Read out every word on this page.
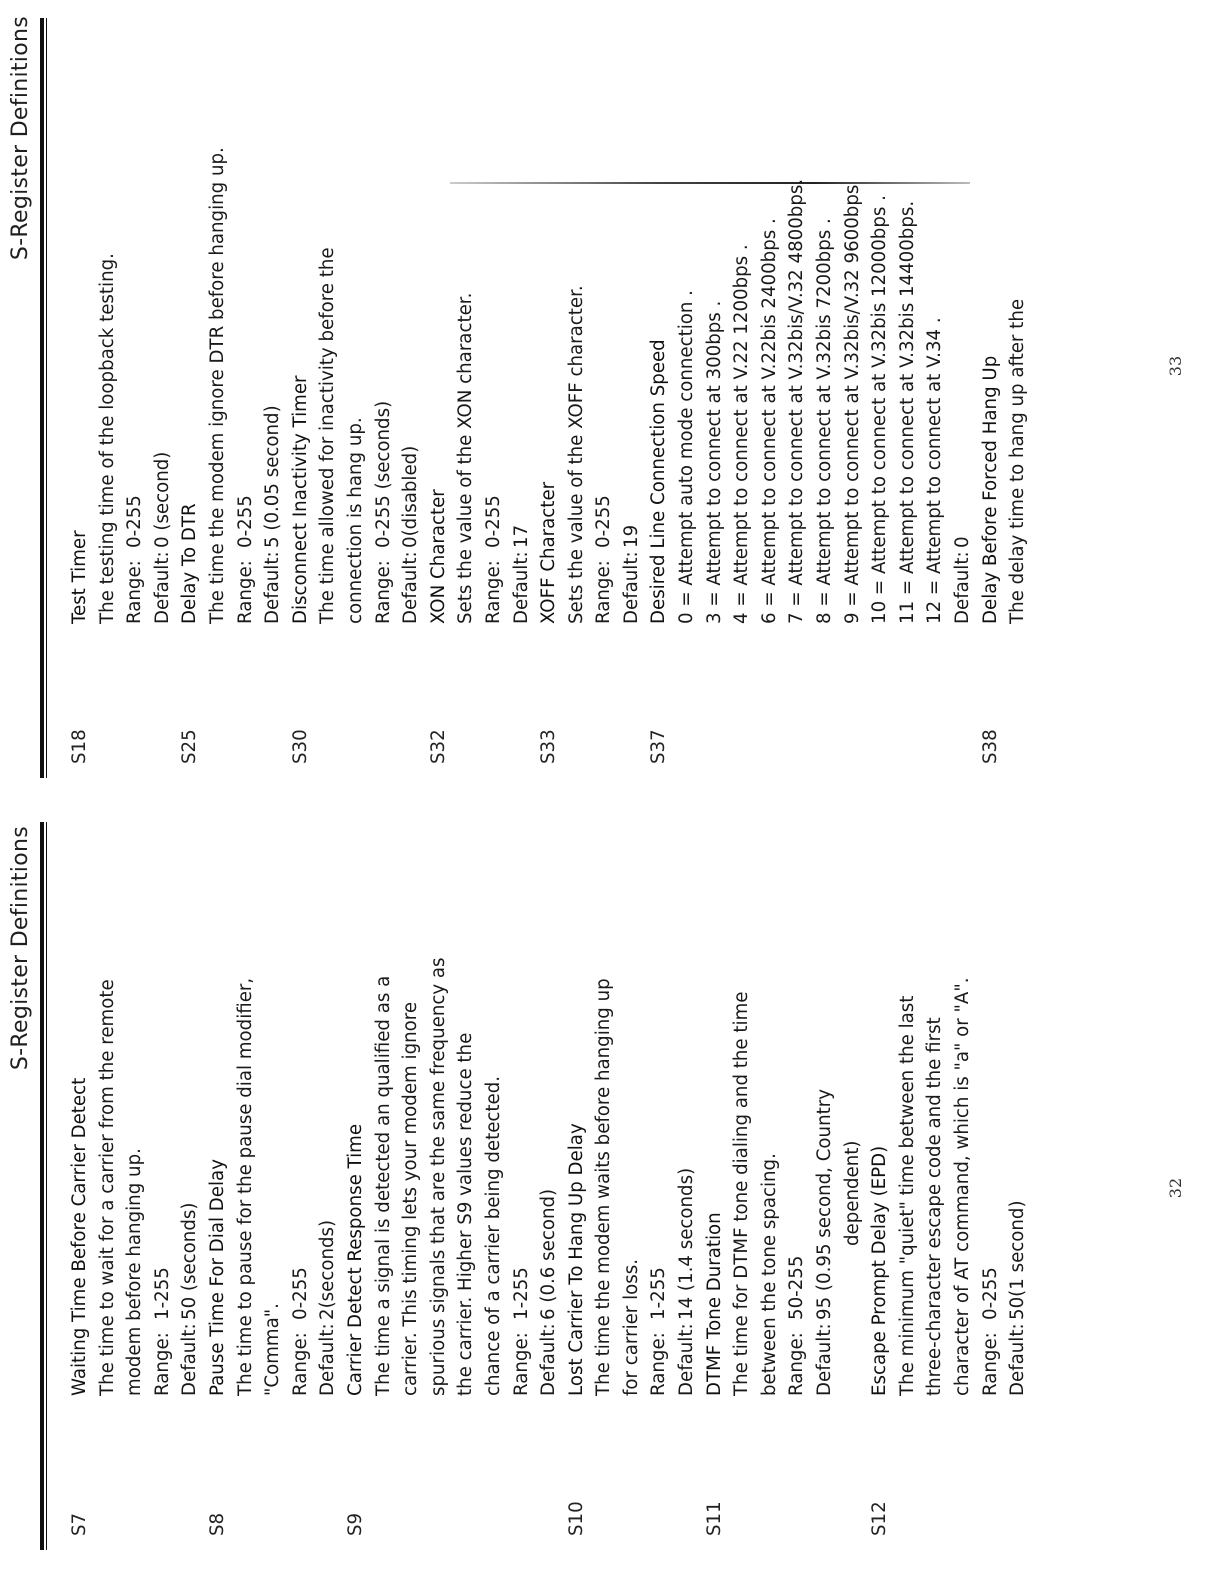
S-Register Definitions
S7
Waiting Time Before Carrier Detect The time to wait for a carrier from the remote modem before hanging up. Range:
1-255
Default:
50 (seconds)
S8
Pause Time For Dial Delay The time to pause for the pause dial modifier, "Comma". Range:
0-255
Default:
2(seconds)
S9
Carrier Detect Response Time The time a signal is detected an qualified as a carrier. This timing lets your modem ignore spurious signals that are the same frequency as the carrier. Higher S9 values reduce the chance of a carrier being detected. Range:
1-255
Default:
6 (0.6 second)
S10
Lost Carrier To Hang Up Delay The time the modem waits before hanging up for carrier loss. Range:
1-255
Default:
14 (1.4 seconds)
S11
DTMF Tone Duration The time for DTMF tone dialing and the time between the tone spacing. Range:
50-255
Default:
95 (0.95 second, Country dependent)
S12
Escape Prompt Delay (EPD) The minimum "quiet" time between the last three-character escape code and the first character of AT command, which is "a" or "A". Range:
0-255
Default:
50(1 second)
32
S-Register Definitions
S18
Test Timer The testing time of the loopback testing. Range:
0-255
Default:
0 (second)
S25
Delay To DTR The time the modem ignore DTR before hanging up. Range:
0-255
Default:
5 (0.05 second)
S30
Disconnect Inactivity Timer The time allowed for inactivity before the connection is hang up. Range:
0-255 (seconds)
Default:
0(disabled)
S32
XON Character Sets the value of the XON character. Range:
0-255
Default:
17
S33
XOFF Character Sets the value of the XOFF character. Range:
0-255
Default:
19
S37
Desired Line Connection Speed 0 = Attempt auto mode connection . 3 = Attempt to connect at 300bps . 4 = Attempt to connect at V.22 1200bps . 6 = Attempt to connect at V.22bis 2400bps . 7 = Attempt to connect at V.32bis/V.32 4800bps. 8 = Attempt to connect at V.32bis 7200bps . 9 = Attempt to connect at V.32bis/V.32 9600bps 10 = Attempt to connect at V.32bis 12000bps . 11 = Attempt to connect at V.32bis 14400bps. 12 = Attempt to connect at V.34 . Default:
0
S38
Delay Before Forced Hang Up The delay time to hang up after the	33
